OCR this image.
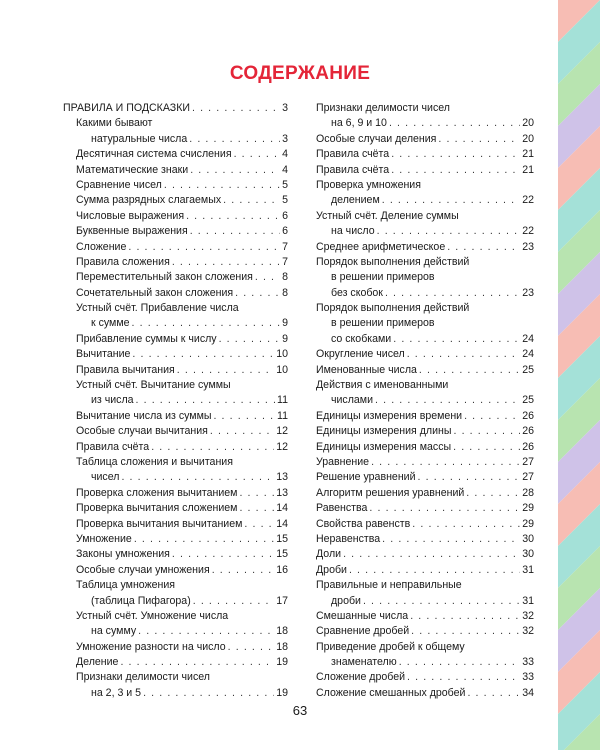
СОДЕРЖАНИЕ
ПРАВИЛА И ПОДСКАЗКИ . . .	3
Какими бывают
натуральные числа . . .	3
Десятичная система счисления . . .	4
Математические знаки . . .	4
Сравнение чисел . . .	5
Сумма разрядных слагаемых . . .	5
Числовые выражения . . .	6
Буквенные выражения . . .	6
Сложение . . .	7
Правила сложения . . .	7
Переместительный закон сложения . . .	8
Сочетательный закон сложения . . .	8
Устный счёт. Прибавление числа
к сумме . . .	9
Прибавление суммы к числу . . .	9
Вычитание . . .	10
Правила вычитания . . .	10
Устный счёт. Вычитание суммы
из числа . . .	11
Вычитание числа из суммы . . .	11
Особые случаи вычитания . . .	12
Правила счёта . . .	12
Таблица сложения и вычитания
чисел . . .	13
Проверка сложения вычитанием . . .	13
Проверка вычитания сложением . . .	14
Проверка вычитания вычитанием . . .	14
Умножение . . .	15
Законы умножения . . .	15
Особые случаи умножения . . .	16
Таблица умножения
(таблица Пифагора) . . .	17
Устный счёт. Умножение числа
на сумму . . .	18
Умножение разности на число . . .	18
Деление . . .	19
Признаки делимости чисел
на 2, 3 и 5 . . .	19
Признаки делимости чисел
на 6, 9 и 10 . . .	20
Особые случаи деления . . .	20
Правила счёта . . .	21
Правила счёта . . .	21
Проверка умножения
делением . . .	22
Устный счёт. Деление суммы
на число . . .	22
Среднее арифметическое . . .	23
Порядок выполнения действий
в решении примеров
без скобок . . .	23
Порядок выполнения действий
в решении примеров
со скобками . . .	24
Округление чисел . . .	24
Именованные числа . . .	25
Действия с именованными
числами . . .	25
Единицы измерения времени . . .	26
Единицы измерения длины . . .	26
Единицы измерения массы . . .	26
Уравнение . . .	27
Решение уравнений . . .	27
Алгоритм решения уравнений . . .	28
Равенства . . .	29
Свойства равенств . . .	29
Неравенства . . .	30
Доли . . .	30
Дроби . . .	31
Правильные и неправильные
дроби . . .	31
Смешанные числа . . .	32
Сравнение дробей . . .	32
Приведение дробей к общему
знаменателю . . .	33
Сложение дробей . . .	33
Сложение смешанных дробей . . .	34
63
